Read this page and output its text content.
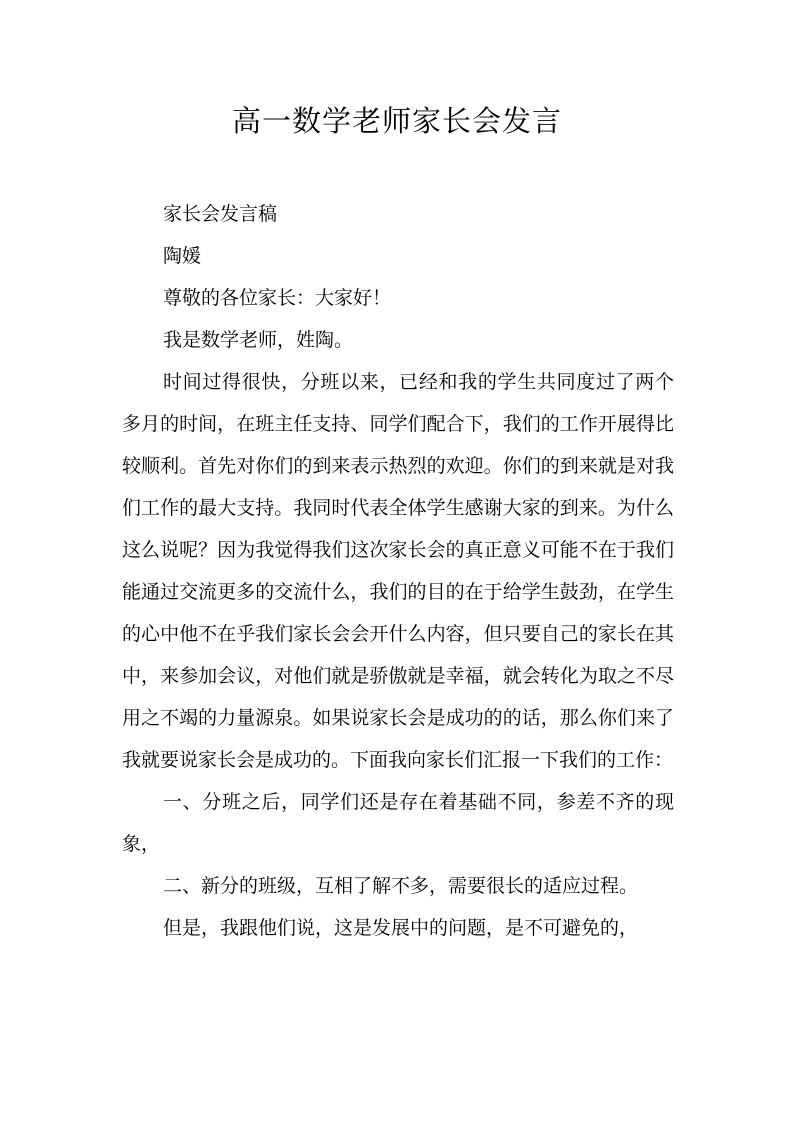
高一数学老师家长会发言

家长会发言稿

陶媛

尊敬的各位家长：大家好！

我是数学老师，姓陶。

时间过得很快，分班以来，已经和我的学生共同度过了两个多月的时间，在班主任支持、同学们配合下，我们的工作开展得比较顺利。首先对你们的到来表示热烈的欢迎。你们的到来就是对我们工作的最大支持。我同时代表全体学生感谢大家的到来。为什么这么说呢？因为我觉得我们这次家长会的真正意义可能不在于我们能通过交流更多的交流什么，我们的目的在于给学生鼓劲，在学生的心中他不在乎我们家长会会开什么内容，但只要自己的家长在其中，来参加会议，对他们就是骄傲就是幸福，就会转化为取之不尽用之不竭的力量源泉。如果说家长会是成功的的话，那么你们来了我就要说家长会是成功的。下面我向家长们汇报一下我们的工作：

一、分班之后，同学们还是存在着基础不同，参差不齐的现象，

二、新分的班级，互相了解不多，需要很长的适应过程。

但是，我跟他们说，这是发展中的问题，是不可避免的，
